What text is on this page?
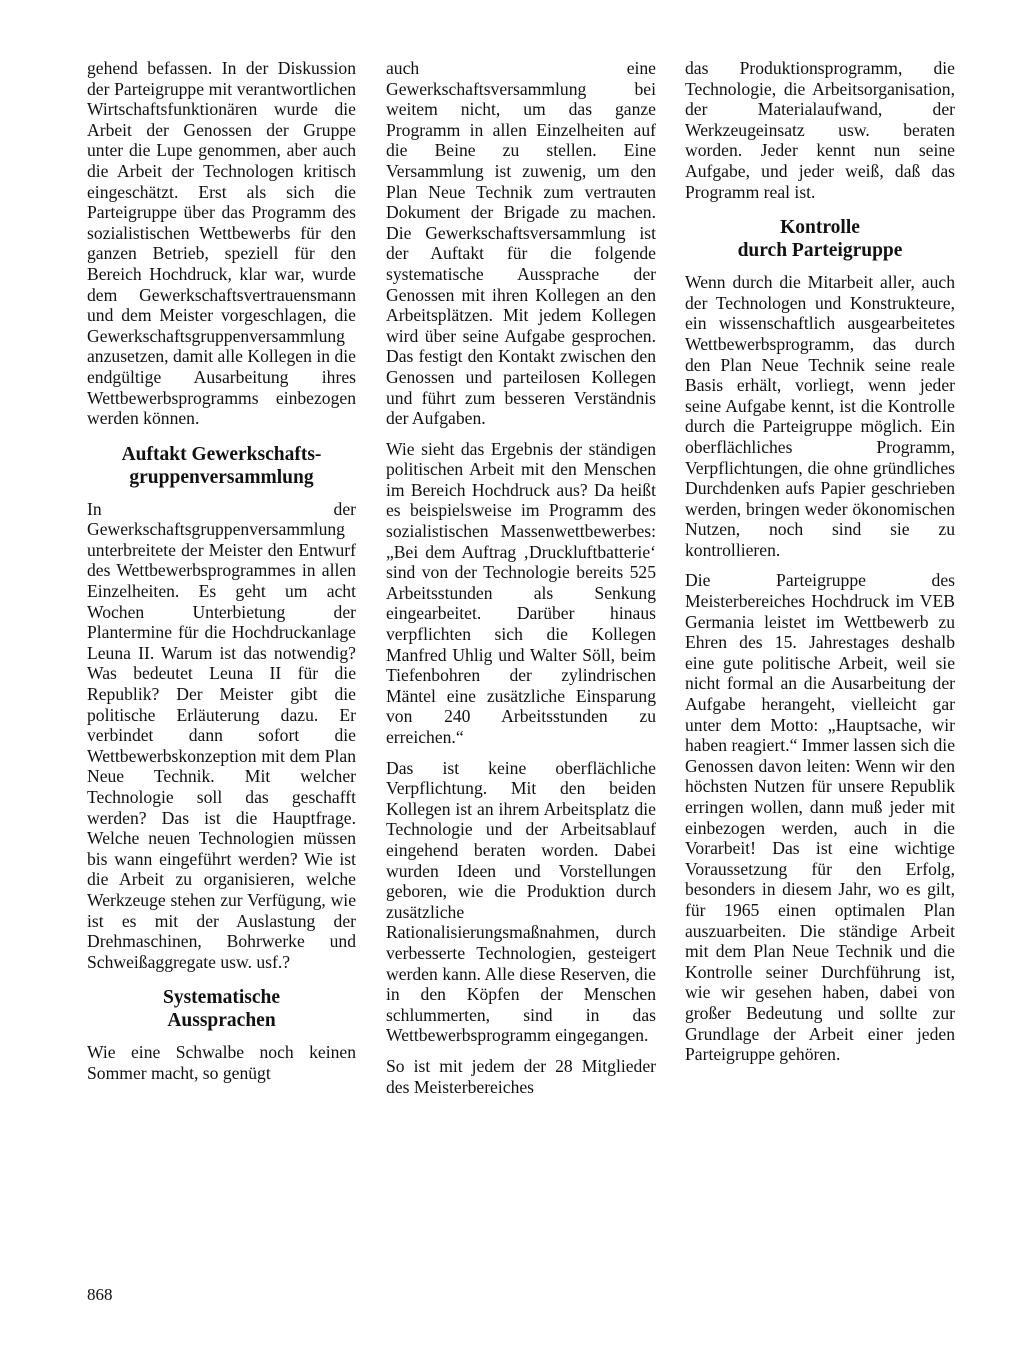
gehend befassen. In der Diskussion der Parteigruppe mit verantwortlichen Wirtschaftsfunktionären wurde die Arbeit der Genossen der Gruppe unter die Lupe genommen, aber auch die Arbeit der Technologen kritisch eingeschätzt. Erst als sich die Parteigruppe über das Programm des sozialistischen Wettbewerbs für den ganzen Betrieb, speziell für den Bereich Hochdruck, klar war, wurde dem Gewerkschaftsvertrauensmann und dem Meister vorgeschlagen, die Gewerkschaftsgruppenversammlung anzusetzen, damit alle Kollegen in die endgültige Ausarbeitung ihres Wettbewerbsprogramms einbezogen werden können.

Auftakt Gewerkschafts-
gruppenversammlung

In der Gewerkschaftsgruppenversammlung unterbreitete der Meister den Entwurf des Wettbewerbsprogrammes in allen Einzelheiten. Es geht um acht Wochen Unterbietung der Plantermine für die Hochdruckanlage Leuna II. Warum ist das notwendig? Was bedeutet Leuna II für die Republik? Der Meister gibt die politische Erläuterung dazu. Er verbindet dann sofort die Wettbewerbskonzeption mit dem Plan Neue Technik. Mit welcher Technologie soll das geschafft werden? Das ist die Hauptfrage. Welche neuen Technologien müssen bis wann eingeführt werden? Wie ist die Arbeit zu organisieren, welche Werkzeuge stehen zur Verfügung, wie ist es mit der Auslastung der Drehmaschinen, Bohrwerke und Schweißaggregate usw. usf.?

Systematische
Aussprachen

Wie eine Schwalbe noch keinen Sommer macht, so genügt

auch eine Gewerkschaftsversammlung bei weitem nicht, um das ganze Programm in allen Einzelheiten auf die Beine zu stellen. Eine Versammlung ist zuwenig, um den Plan Neue Technik zum vertrauten Dokument der Brigade zu machen. Die Gewerkschaftsversammlung ist der Auftakt für die folgende systematische Aussprache der Genossen mit ihren Kollegen an den Arbeitsplätzen. Mit jedem Kollegen wird über seine Aufgabe gesprochen. Das festigt den Kontakt zwischen den Genossen und parteilosen Kollegen und führt zum besseren Verständnis der Aufgaben.

Wie sieht das Ergebnis der ständigen politischen Arbeit mit den Menschen im Bereich Hochdruck aus? Da heißt es beispielsweise im Programm des sozialistischen Massenwettbewerbes: „Bei dem Auftrag ‚Druckluftbatterie‘ sind von der Technologie bereits 525 Arbeitsstunden als Senkung eingearbeitet. Darüber hinaus verpflichten sich die Kollegen Manfred Uhlig und Walter Söll, beim Tiefenbohren der zylindrischen Mäntel eine zusätzliche Einsparung von 240 Arbeitsstunden zu erreichen.“

Das ist keine oberflächliche Verpflichtung. Mit den beiden Kollegen ist an ihrem Arbeitsplatz die Technologie und der Arbeitsablauf eingehend beraten worden. Dabei wurden Ideen und Vorstellungen geboren, wie die Produktion durch zusätzliche Rationalisierungsmaßnahmen, durch verbesserte Technologien, gesteigert werden kann. Alle diese Reserven, die in den Köpfen der Menschen schlummerten, sind in das Wettbewerbsprogramm eingegangen.

So ist mit jedem der 28 Mitglieder des Meisterbereiches

das Produktionsprogramm, die Technologie, die Arbeitsorganisation, der Materialaufwand, der Werkzeugeinsatz usw. beraten worden. Jeder kennt nun seine Aufgabe, und jeder weiß, daß das Programm real ist.

Kontrolle
durch Parteigruppe

Wenn durch die Mitarbeit aller, auch der Technologen und Konstrukteure, ein wissenschaftlich ausgearbeitetes Wettbewerbsprogramm, das durch den Plan Neue Technik seine reale Basis erhält, vorliegt, wenn jeder seine Aufgabe kennt, ist die Kontrolle durch die Parteigruppe möglich. Ein oberflächliches Programm, Verpflichtungen, die ohne gründliches Durchdenken aufs Papier geschrieben werden, bringen weder ökonomischen Nutzen, noch sind sie zu kontrollieren.

Die Parteigruppe des Meisterbereiches Hochdruck im VEB Germania leistet im Wettbewerb zu Ehren des 15. Jahrestages deshalb eine gute politische Arbeit, weil sie nicht formal an die Ausarbeitung der Aufgabe herangeht, vielleicht gar unter dem Motto: „Hauptsache, wir haben reagiert.“ Immer lassen sich die Genossen davon leiten: Wenn wir den höchsten Nutzen für unsere Republik erringen wollen, dann muß jeder mit einbezogen werden, auch in die Vorarbeit! Das ist eine wichtige Voraussetzung für den Erfolg, besonders in diesem Jahr, wo es gilt, für 1965 einen optimalen Plan auszuarbeiten. Die ständige Arbeit mit dem Plan Neue Technik und die Kontrolle seiner Durchführung ist, wie wir gesehen haben, dabei von großer Bedeutung und sollte zur Grundlage der Arbeit einer jeden Parteigruppe gehören.

868
